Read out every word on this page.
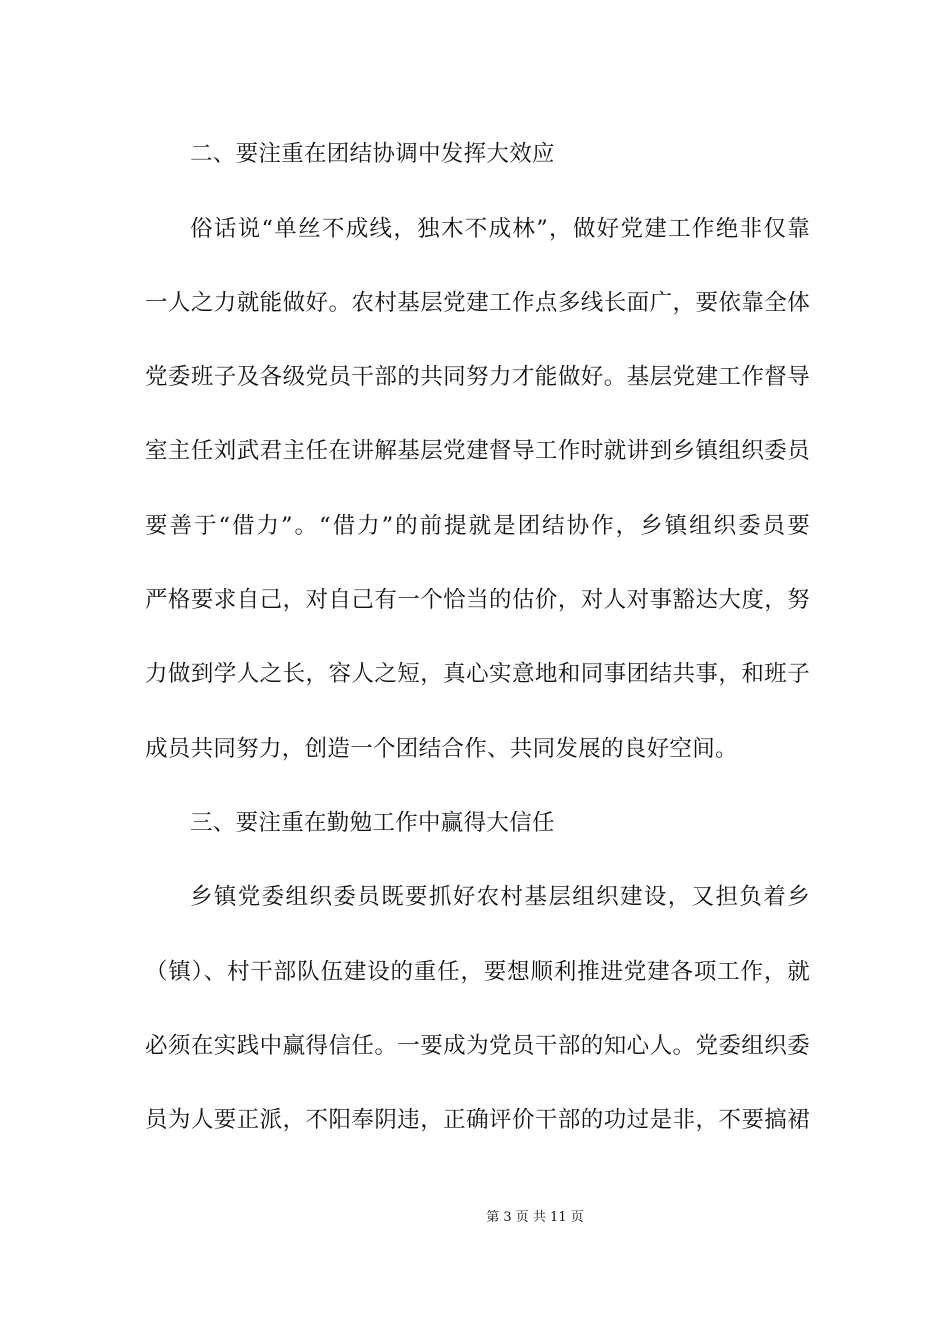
二、要注重在团结协调中发挥大效应
俗话说“单丝不成线，独木不成林”，做好党建工作绝非仅靠
一人之力就能做好。农村基层党建工作点多线长面广，要依靠全体
党委班子及各级党员干部的共同努力才能做好。基层党建工作督导
室主任刘武君主任在讲解基层党建督导工作时就讲到乡镇组织委员
要善于“借力”。“借力”的前提就是团结协作，乡镇组织委员要
严格要求自己，对自己有一个恰当的估价，对人对事豁达大度，努
力做到学人之长，容人之短，真心实意地和同事团结共事，和班子
成员共同努力，创造一个团结合作、共同发展的良好空间。
三、要注重在勤勉工作中赢得大信任
乡镇党委组织委员既要抓好农村基层组织建设，又担负着乡
（镇）、村干部队伍建设的重任，要想顺利推进党建各项工作，就
必须在实践中赢得信任。一要成为党员干部的知心人。党委组织委
员为人要正派，不阳奉阴违，正确评价干部的功过是非，不要搞裙
第 3 页 共 11 页
